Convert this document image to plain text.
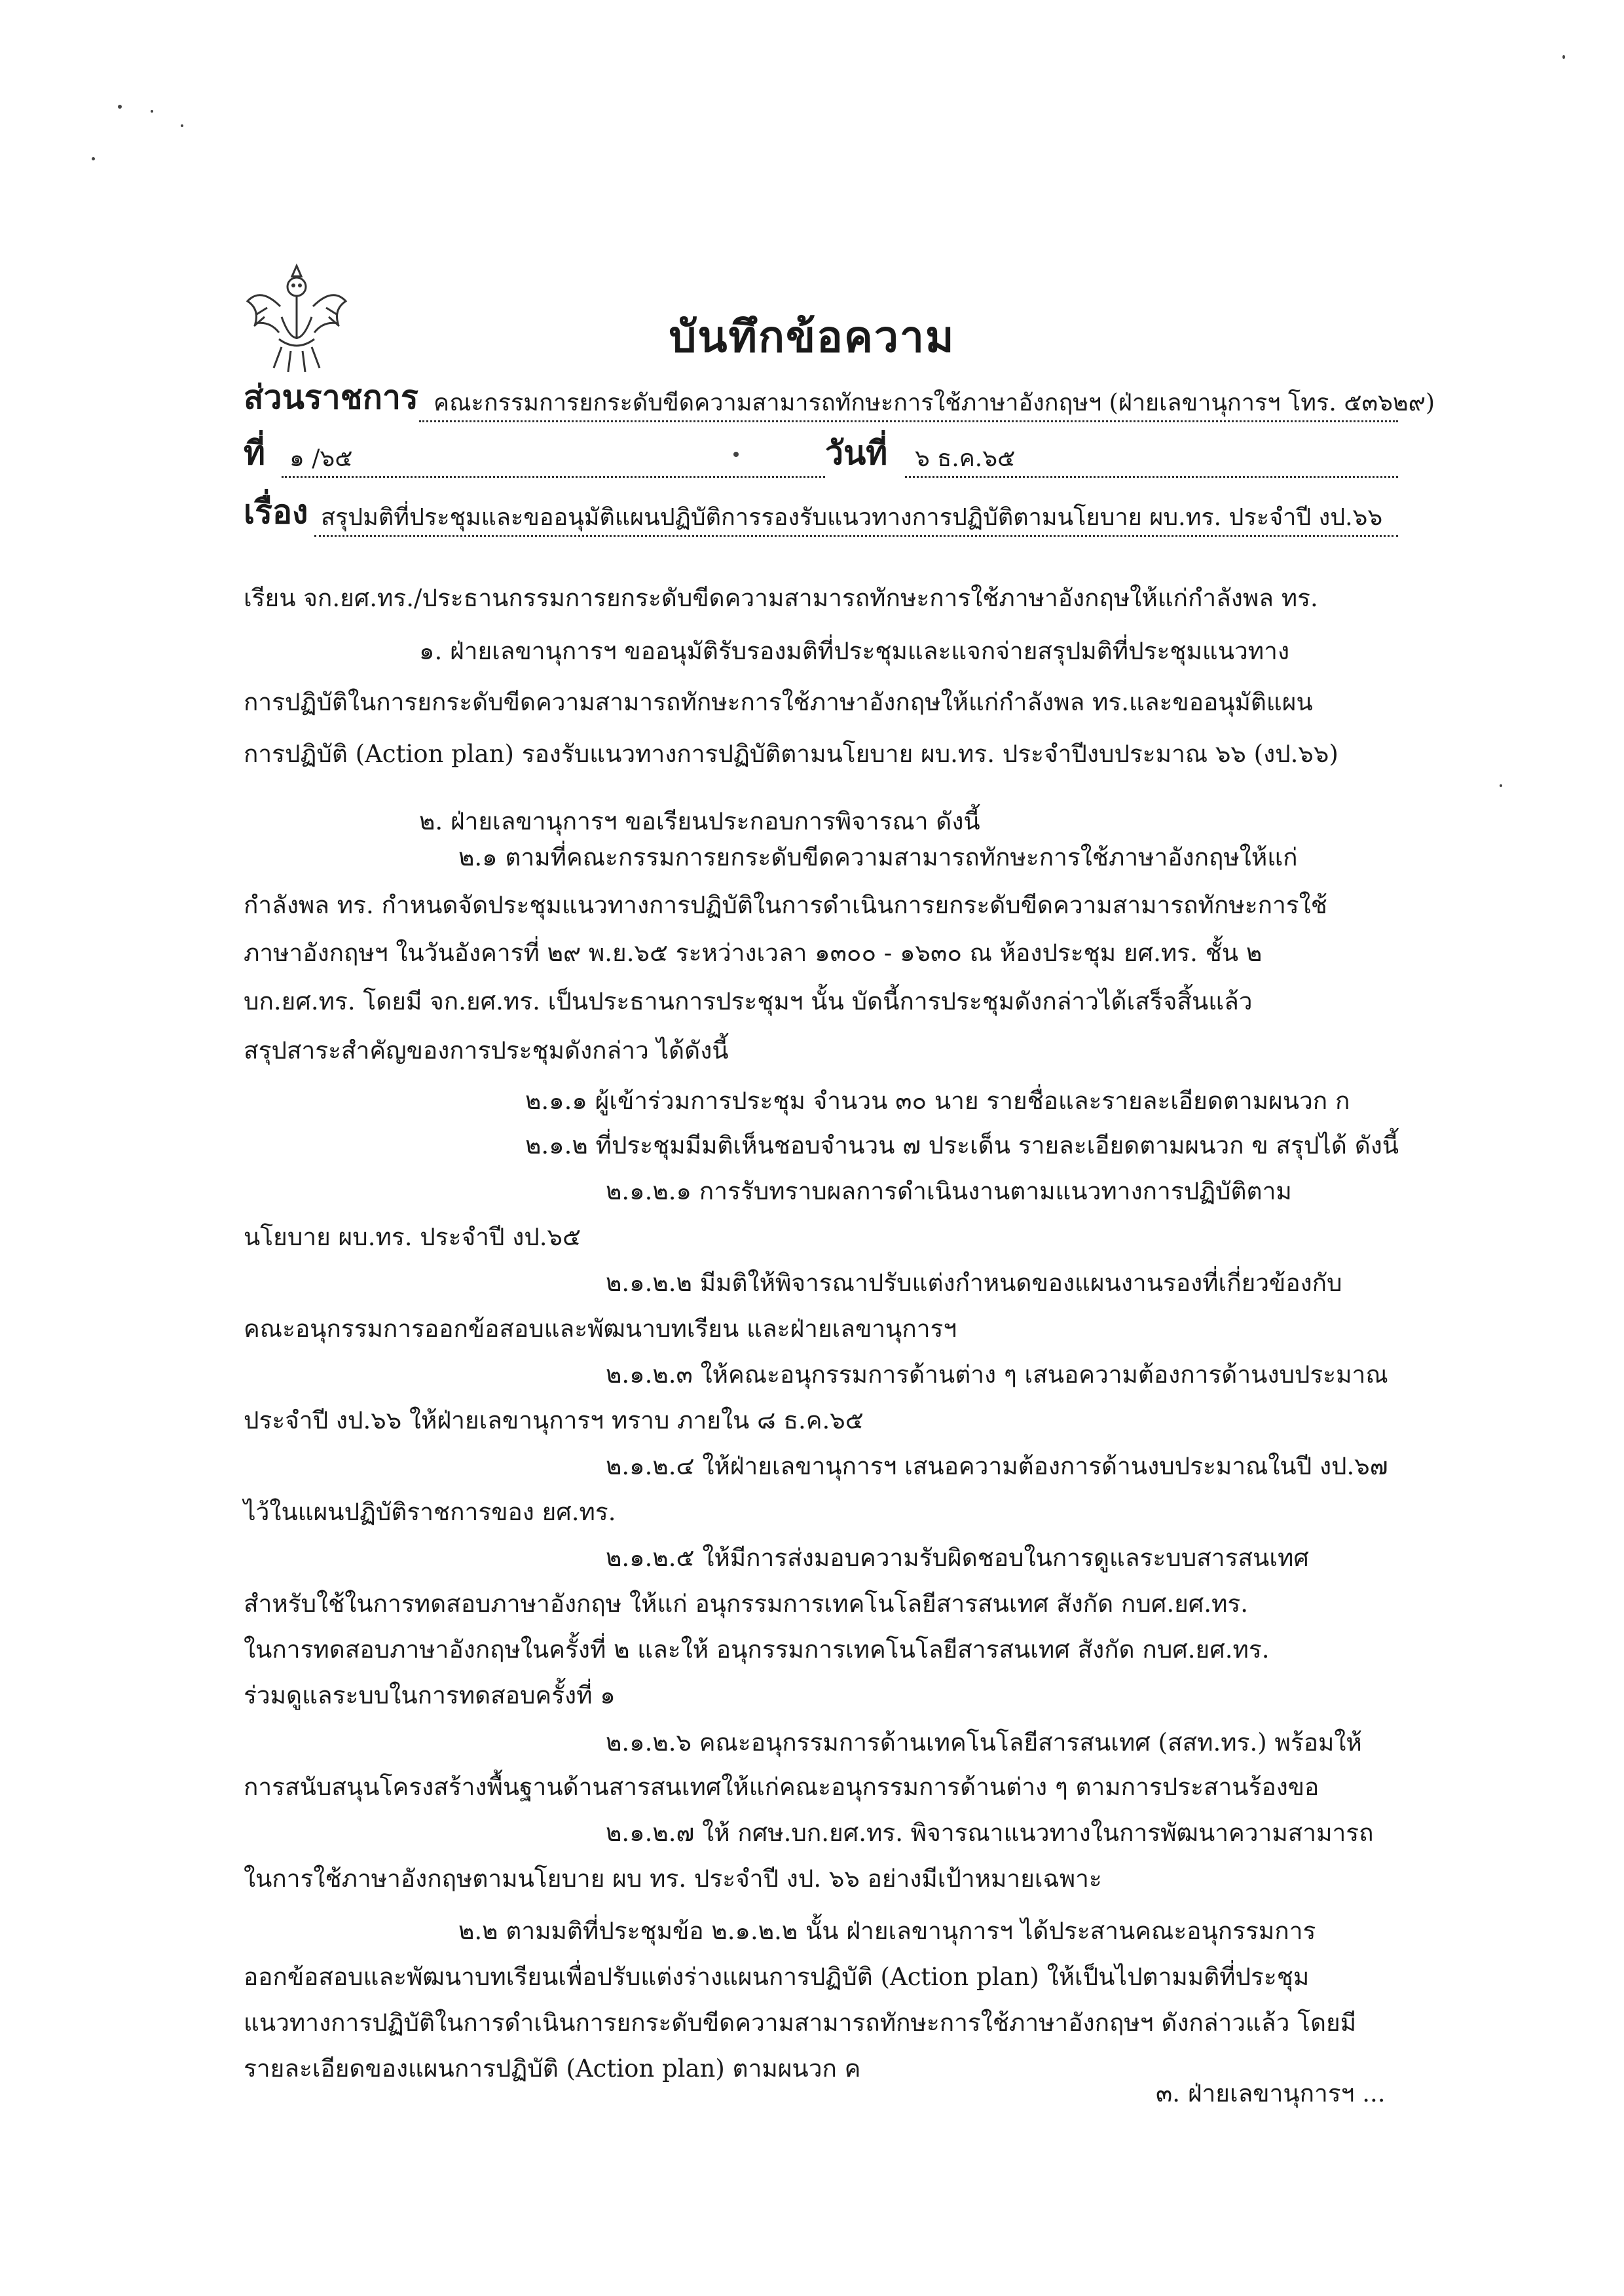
บันทึกข้อความ
ส่วนราชการ คณะกรรมการยกระดับขีดความสามารถทักษะการใช้ภาษาอังกฤษฯ (ฝ่ายเลขานุการฯ โทร. ๕๓๖๒๙)
ที่ ๑ /๖๕	วันที่ ๖ ธ.ค.๖๕
เรื่อง สรุปมติที่ประชุมและขออนุมัติแผนปฏิบัติการรองรับแนวทางการปฏิบัติตามนโยบาย ผบ.ทร. ประจำปี งป.๖๖
เรียน จก.ยศ.ทร./ประธานกรรมการยกระดับขีดความสามารถทักษะการใช้ภาษาอังกฤษให้แก่กำลังพล ทร.
๑. ฝ่ายเลขานุการฯ ขออนุมัติรับรองมติที่ประชุมและแจกจ่ายสรุปมติที่ประชุมแนวทาง
การปฏิบัติในการยกระดับขีดความสามารถทักษะการใช้ภาษาอังกฤษให้แก่กำลังพล ทร.และขออนุมัติแผน
การปฏิบัติ (Action plan) รองรับแนวทางการปฏิบัติตามนโยบาย ผบ.ทร. ประจำปีงบประมาณ ๖๖ (งป.๖๖)
๒. ฝ่ายเลขานุการฯ ขอเรียนประกอบการพิจารณา ดังนี้
๒.๑ ตามที่คณะกรรมการยกระดับขีดความสามารถทักษะการใช้ภาษาอังกฤษให้แก่
กำลังพล ทร. กำหนดจัดประชุมแนวทางการปฏิบัติในการดำเนินการยกระดับขีดความสามารถทักษะการใช้
ภาษาอังกฤษฯ ในวันอังคารที่ ๒๙ พ.ย.๖๕ ระหว่างเวลา ๑๓๐๐ - ๑๖๓๐ ณ ห้องประชุม ยศ.ทร. ชั้น ๒
บก.ยศ.ทร. โดยมี จก.ยศ.ทร. เป็นประธานการประชุมฯ นั้น บัดนี้การประชุมดังกล่าวได้เสร็จสิ้นแล้ว
สรุปสาระสำคัญของการประชุมดังกล่าว ได้ดังนี้
๒.๑.๑ ผู้เข้าร่วมการประชุม จำนวน ๓๐ นาย รายชื่อและรายละเอียดตามผนวก ก
๒.๑.๒ ที่ประชุมมีมติเห็นชอบจำนวน ๗ ประเด็น รายละเอียดตามผนวก ข สรุปได้ ดังนี้
๒.๑.๒.๑ การรับทราบผลการดำเนินงานตามแนวทางการปฏิบัติตาม
นโยบาย ผบ.ทร. ประจำปี งป.๖๕
๒.๑.๒.๒ มีมติให้พิจารณาปรับแต่งกำหนดของแผนงานรองที่เกี่ยวข้องกับ
คณะอนุกรรมการออกข้อสอบและพัฒนาบทเรียน และฝ่ายเลขานุการฯ
๒.๑.๒.๓ ให้คณะอนุกรรมการด้านต่าง ๆ เสนอความต้องการด้านงบประมาณ
ประจำปี งป.๖๖ ให้ฝ่ายเลขานุการฯ ทราบ ภายใน ๘ ธ.ค.๖๕
๒.๑.๒.๔ ให้ฝ่ายเลขานุการฯ เสนอความต้องการด้านงบประมาณในปี งป.๖๗
ไว้ในแผนปฏิบัติราชการของ ยศ.ทร.
๒.๑.๒.๕ ให้มีการส่งมอบความรับผิดชอบในการดูแลระบบสารสนเทศ
สำหรับใช้ในการทดสอบภาษาอังกฤษ ให้แก่ อนุกรรมการเทคโนโลยีสารสนเทศ สังกัด กบศ.ยศ.ทร.
ในการทดสอบภาษาอังกฤษในครั้งที่ ๒ และให้ อนุกรรมการเทคโนโลยีสารสนเทศ สังกัด กบศ.ยศ.ทร.
ร่วมดูแลระบบในการทดสอบครั้งที่ ๑
๒.๑.๒.๖ คณะอนุกรรมการด้านเทคโนโลยีสารสนเทศ (สสท.ทร.) พร้อมให้
การสนับสนุนโครงสร้างพื้นฐานด้านสารสนเทศให้แก่คณะอนุกรรมการด้านต่าง ๆ ตามการประสานร้องขอ
๒.๑.๒.๗ ให้ กศษ.บก.ยศ.ทร. พิจารณาแนวทางในการพัฒนาความสามารถ
ในการใช้ภาษาอังกฤษตามนโยบาย ผบ ทร. ประจำปี งป. ๖๖ อย่างมีเป้าหมายเฉพาะ
๒.๒ ตามมติที่ประชุมข้อ ๒.๑.๒.๒ นั้น ฝ่ายเลขานุการฯ ได้ประสานคณะอนุกรรมการ
ออกข้อสอบและพัฒนาบทเรียนเพื่อปรับแต่งร่างแผนการปฏิบัติ (Action plan) ให้เป็นไปตามมติที่ประชุม
แนวทางการปฏิบัติในการดำเนินการยกระดับขีดความสามารถทักษะการใช้ภาษาอังกฤษฯ ดังกล่าวแล้ว โดยมี
รายละเอียดของแผนการปฏิบัติ (Action plan) ตามผนวก ค
๓. ฝ่ายเลขานุการฯ ...
